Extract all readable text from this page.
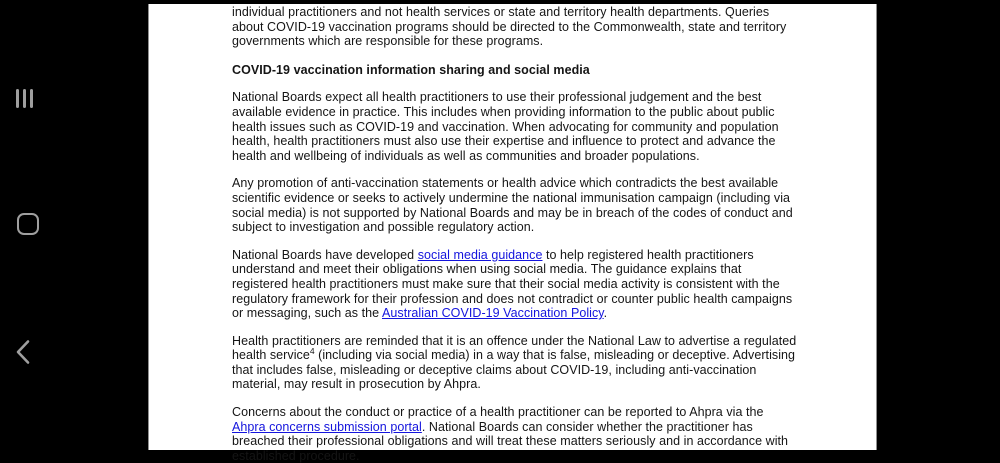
individual practitioners and not health services or state and territory health departments. Queries
about COVID-19 vaccination programs should be directed to the Commonwealth, state and territory
governments which are responsible for these programs.

COVID-19 vaccination information sharing and social media

National Boards expect all health practitioners to use their professional judgement and the best
available evidence in practice. This includes when providing information to the public about public
health issues such as COVID-19 and vaccination. When advocating for community and population
health, health practitioners must also use their expertise and influence to protect and advance the
health and wellbeing of individuals as well as communities and broader populations.

Any promotion of anti-vaccination statements or health advice which contradicts the best available
scientific evidence or seeks to actively undermine the national immunisation campaign (including via
social media) is not supported by National Boards and may be in breach of the codes of conduct and
subject to investigation and possible regulatory action.

National Boards have developed social media guidance to help registered health practitioners
understand and meet their obligations when using social media. The guidance explains that
registered health practitioners must make sure that their social media activity is consistent with the
regulatory framework for their profession and does not contradict or counter public health campaigns
or messaging, such as the Australian COVID-19 Vaccination Policy.

Health practitioners are reminded that it is an offence under the National Law to advertise a regulated
health service$^4$ (including via social media) in a way that is false, misleading or deceptive. Advertising
that includes false, misleading or deceptive claims about COVID-19, including anti-vaccination
material, may result in prosecution by Ahpra.

Concerns about the conduct or practice of a health practitioner can be reported to Ahpra via the
Ahpra concerns submission portal. National Boards can consider whether the practitioner has
breached their professional obligations and will treat these matters seriously and in accordance with
established procedure.
